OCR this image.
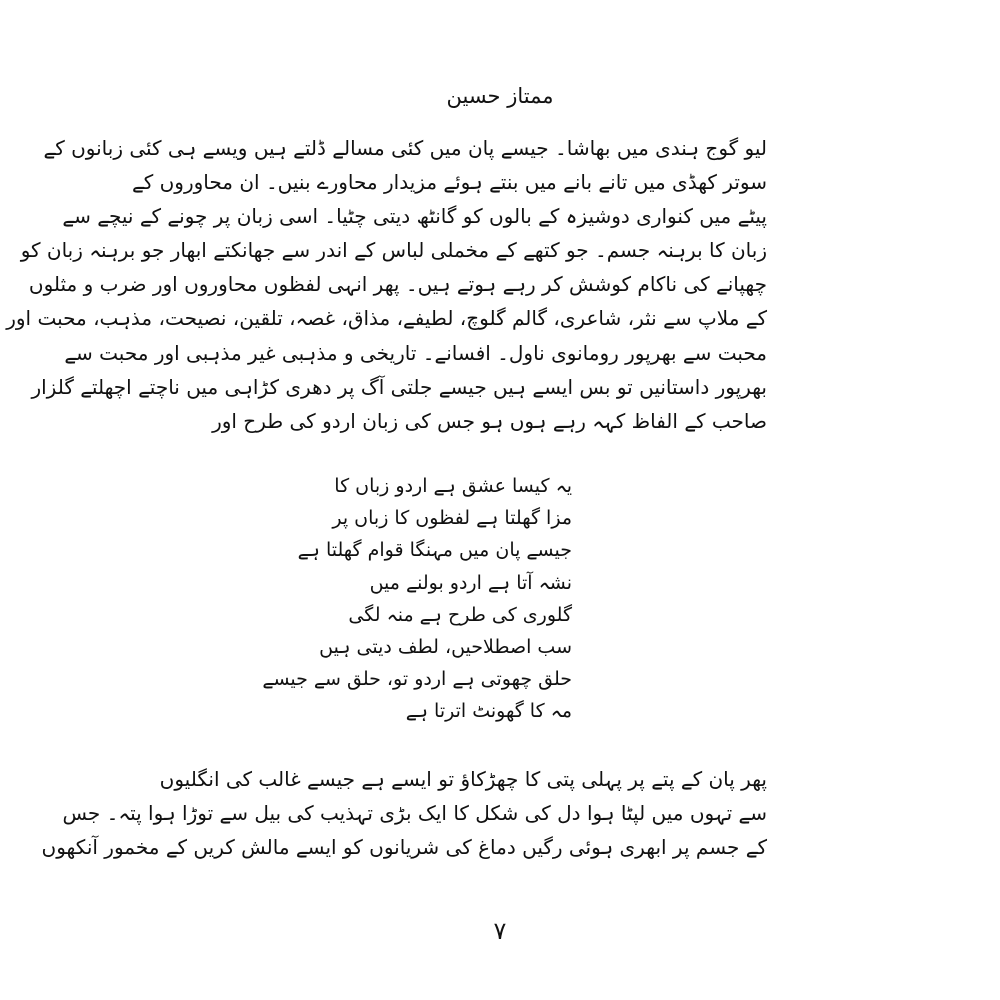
ممتاز حسین
لیو گوج ہندی میں بھاشا۔ جیسے پان میں کئی مسالے ڈلتے ہیں ویسے ہی کئی زبانوں کے
سوتر کھڈی میں تانے بانے میں بنتے ہوئے مزیدار محاورے بنیں۔ ان محاوروں کے
پیٹے میں کنواری دوشیزہ کے بالوں کو گانٹھ دیتی چٹیا۔ اسی زبان پر چونے کے نیچے سے
زبان کا برہنہ جسم۔ جو کتھے کے مخملی لباس کے اندر سے جھانکتے ابھار جو برہنہ زبان کو
چھپانے کی ناکام کوشش کر رہے ہوتے ہیں۔ پھر انہی لفظوں محاوروں اور ضرب و مثلوں
کے ملاپ سے نثر، شاعری، گالم گلوچ، لطیفے، مذاق، غصہ، تلقین، نصیحت، مذہب، محبت اور
محبت سے بھرپور رومانوی ناول۔ افسانے۔ تاریخی و مذہبی غیر مذہبی اور محبت سے
بھرپور داستانیں تو بس ایسے ہیں جیسے جلتی آگ پر دھری کڑاہی میں ناچتے اچھلتے گلزار
صاحب کے الفاظ کہہ رہے ہوں ہو جس کی زبان اردو کی طرح اور
یہ کیسا عشق ہے اردو زباں کا
مزا گھلتا ہے لفظوں کا زباں پر
جیسے پان میں مہنگا قوام گھلتا ہے
نشہ آتا ہے اردو بولنے میں
گلوری کی طرح ہے منہ لگی
سب اصطلاحیں، لطف دیتی ہیں
حلق چھوتی ہے اردو تو، حلق سے جیسے
مہ کا گھونٹ اترتا ہے
پھر پان کے پتے پر پہلی پتی کا چھڑکاؤ تو ایسے ہے جیسے غالب کی انگلیوں
سے تہوں میں لپٹا ہوا دل کی شکل کا ایک بڑی تہذیب کی بیل سے توڑا ہوا پتہ۔ جس
کے جسم پر ابھری ہوئی رگیں دماغ کی شریانوں کو ایسے مالش کریں کے مخمور آنکھوں
۷
